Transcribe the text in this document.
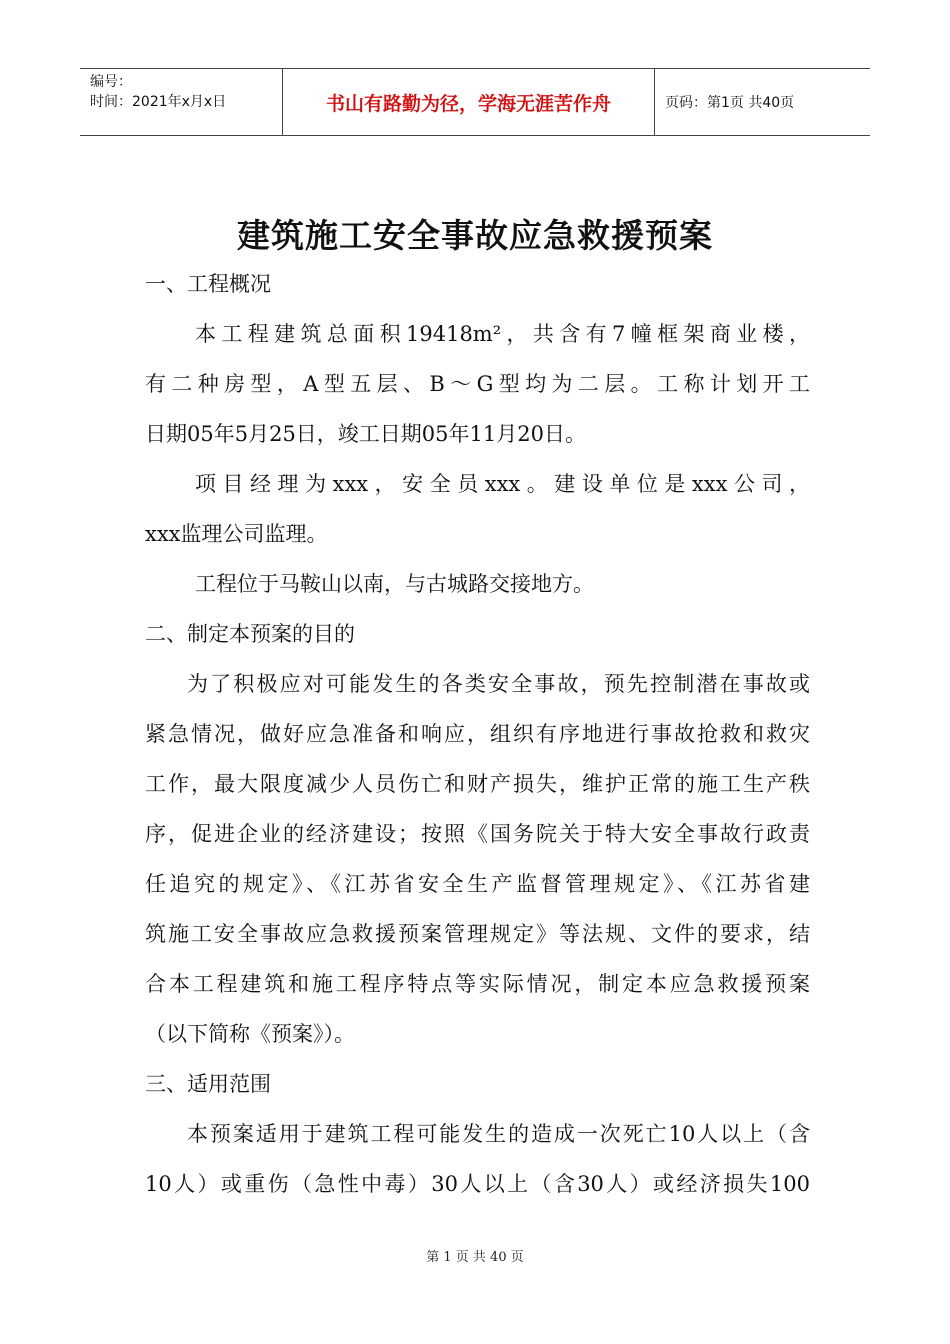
编号：
时间：2021年x月x日	书山有路勤为径，学海无涯苦作舟	页码：第1页 共40页
建筑施工安全事故应急救援预案
一、工程概况
本工程建筑总面积19418m²，共含有7幢框架商业楼，
有二种房型，A型五层、B～G型均为二层。工称计划开工
日期05年5月25日，竣工日期05年11月20日。
项目经理为xxx，安全员xxx。建设单位是xxx公司，
xxx监理公司监理。
工程位于马鞍山以南，与古城路交接地方。
二、制定本预案的目的
为了积极应对可能发生的各类安全事故，预先控制潜在事故或
紧急情况，做好应急准备和响应，组织有序地进行事故抢救和救灾
工作，最大限度减少人员伤亡和财产损失，维护正常的施工生产秩
序，促进企业的经济建设；按照《国务院关于特大安全事故行政责
任追究的规定》、《江苏省安全生产监督管理规定》、《江苏省建
筑施工安全事故应急救援预案管理规定》等法规、文件的要求，结
合本工程建筑和施工程序特点等实际情况，制定本应急救援预案
（以下简称《预案》）。
三、适用范围
本预案适用于建筑工程可能发生的造成一次死亡10人以上（含
10人）或重伤（急性中毒）30人以上（含30人）或经济损失100
第 1 页 共 40 页
